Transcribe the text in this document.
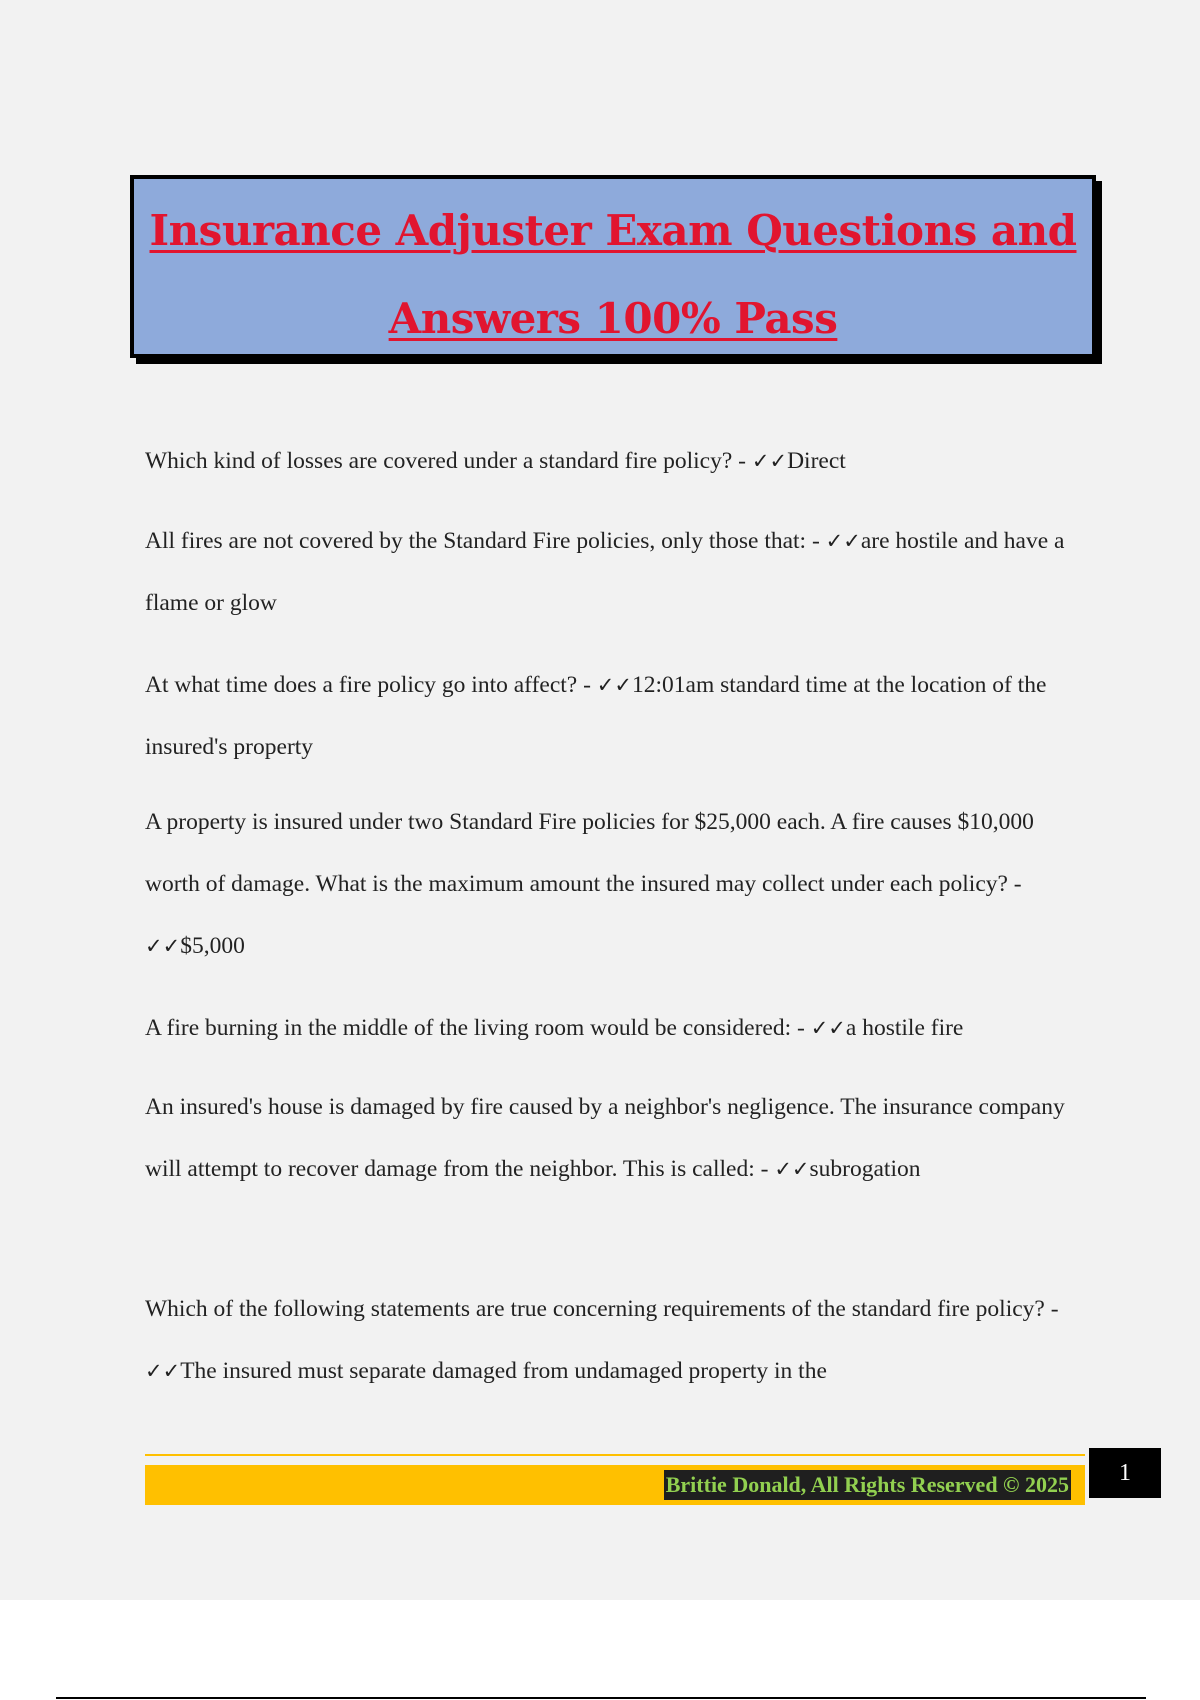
Insurance Adjuster Exam Questions and
Answers 100% Pass

Which kind of losses are covered under a standard fire policy? - ✓✓Direct

All fires are not covered by the Standard Fire policies, only those that: - ✓✓are hostile and have a flame or glow

At what time does a fire policy go into affect? - ✓✓12:01am standard time at the location of the insured's property

A property is insured under two Standard Fire policies for $25,000 each. A fire causes $10,000 worth of damage. What is the maximum amount the insured may collect under each policy? - ✓✓$5,000

A fire burning in the middle of the living room would be considered: - ✓✓a hostile fire

An insured's house is damaged by fire caused by a neighbor's negligence. The insurance company will attempt to recover damage from the neighbor. This is called: - ✓✓subrogation

Which of the following statements are true concerning requirements of the standard fire policy? - ✓✓The insured must separate damaged from undamaged property in the

Brittie Donald, All Rights Reserved © 2025	1
